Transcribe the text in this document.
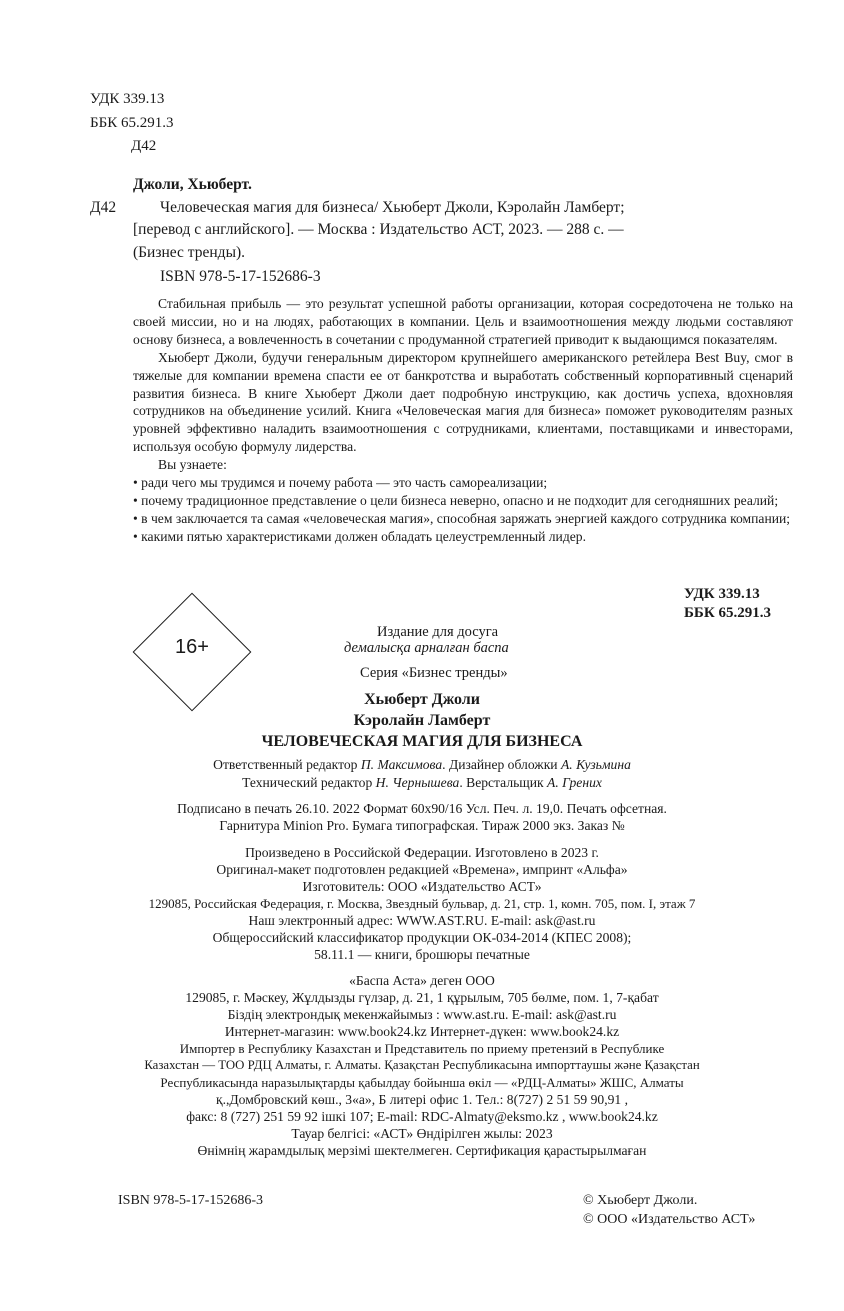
УДК 339.13
ББК 65.291.3
Д42
Джоли, Хьюберт.
Д42	Человеческая магия для бизнеса/ Хьюберт Джоли, Кэролайн Ламберт;
[перевод с английского]. — Москва : Издательство АСТ, 2023. — 288 с. —
(Бизнес тренды).
ISBN 978-5-17-152686-3

Стабильная прибыль — это результат успешной работы организации, которая сосредоточена не только на своей миссии, но и на людях, работающих в компании. Цель и взаимоотношения между людьми составляют основу бизнеса, а вовлеченность в сочетании с продуманной стратегией приводит к выдающимся показателям.

Хьюберт Джоли, будучи генеральным директором крупнейшего американского ретейлера Best Buy, смог в тяжелые для компании времена спасти ее от банкротства и выработать собственный корпоративный сценарий развития бизнеса. В книге Хьюберт Джоли дает подробную инструкцию, как достичь успеха, вдохновляя сотрудников на объединение усилий. Книга «Человеческая магия для бизнеса» поможет руководителям разных уровней эффективно наладить взаимоотношения с сотрудниками, клиентами, поставщиками и инвесторами, используя особую формулу лидерства.

Вы узнаете:

• ради чего мы трудимся и почему работа — это часть самореализации;

• почему традиционное представление о цели бизнеса неверно, опасно и не подходит для сегодняшних реалий;

• в чем заключается та самая «человеческая магия», способная заряжать энергией каждого сотрудника компании;

• какими пятью характеристиками должен обладать целеустремленный лидер.

УДК 339.13
ББК 65.291.3
16+
Издание для досуга
демалысқа арналған баспа
Серия «Бизнес тренды»
Хьюберт Джоли
Кэролайн Ламберт
ЧЕЛОВЕЧЕСКАЯ МАГИЯ ДЛЯ БИЗНЕСА
Ответственный редактор П. Максимова. Дизайнер обложки А. Кузьмина
Технический редактор Н. Чернышева. Верстальщик А. Грених
Подписано в печать 26.10. 2022 Формат 60х90/16 Усл. Печ. л. 19,0. Печать офсетная.
Гарнитура Minion Pro. Бумага типографская. Тираж 2000 экз. Заказ №
Произведено в Российской Федерации. Изготовлено в 2023 г.
Оригинал-макет подготовлен редакцией «Времена», импринт «Альфа»
Изготовитель: ООО «Издательство АСТ»
129085, Российская Федерация, г. Москва, Звездный бульвар, д. 21, стр. 1, комн. 705, пом. I, этаж 7
Наш электронный адрес: WWW.AST.RU. E-mail: ask@ast.ru
Общероссийский классификатор продукции ОК-034-2014 (КПЕС 2008);
58.11.1 — книги, брошюры печатные
«Баспа Аста» деген ООО
129085, г. Мәскеу, Жұлдызды гүлзар, д. 21, 1 құрылым, 705 бөлме, пом. 1, 7-қабат
Біздің электрондық мекенжайымыз : www.ast.ru. E-mail: ask@ast.ru
Интернет-магазин: www.book24.kz Интернет-дүкен: www.book24.kz
Импортер в Республику Казахстан и Представитель по приему претензий в Республике
Казахстан — ТОО РДЦ Алматы, г. Алматы. Қазақстан Республикасына импорттаушы және Қазақстан
Республикасында наразылықтарды қабылдау бойынша өкіл — «РДЦ-Алматы» ЖШС, Алматы
қ.,Домбровский көш., 3«а», Б литері офис 1. Тел.: 8(727) 2 51 59 90,91 ,
факс: 8 (727) 251 59 92 ішкі 107; E-mail: RDC-Almaty@eksmo.kz , www.book24.kz
Тауар белгісі: «АСТ» Өндірілген жылы: 2023
Өнімнің жарамдылық мерзімі шектелмеген. Сертификация қарастырылмаған
ISBN 978-5-17-152686-3	© Хьюберт Джоли.
© ООО «Издательство АСТ»
